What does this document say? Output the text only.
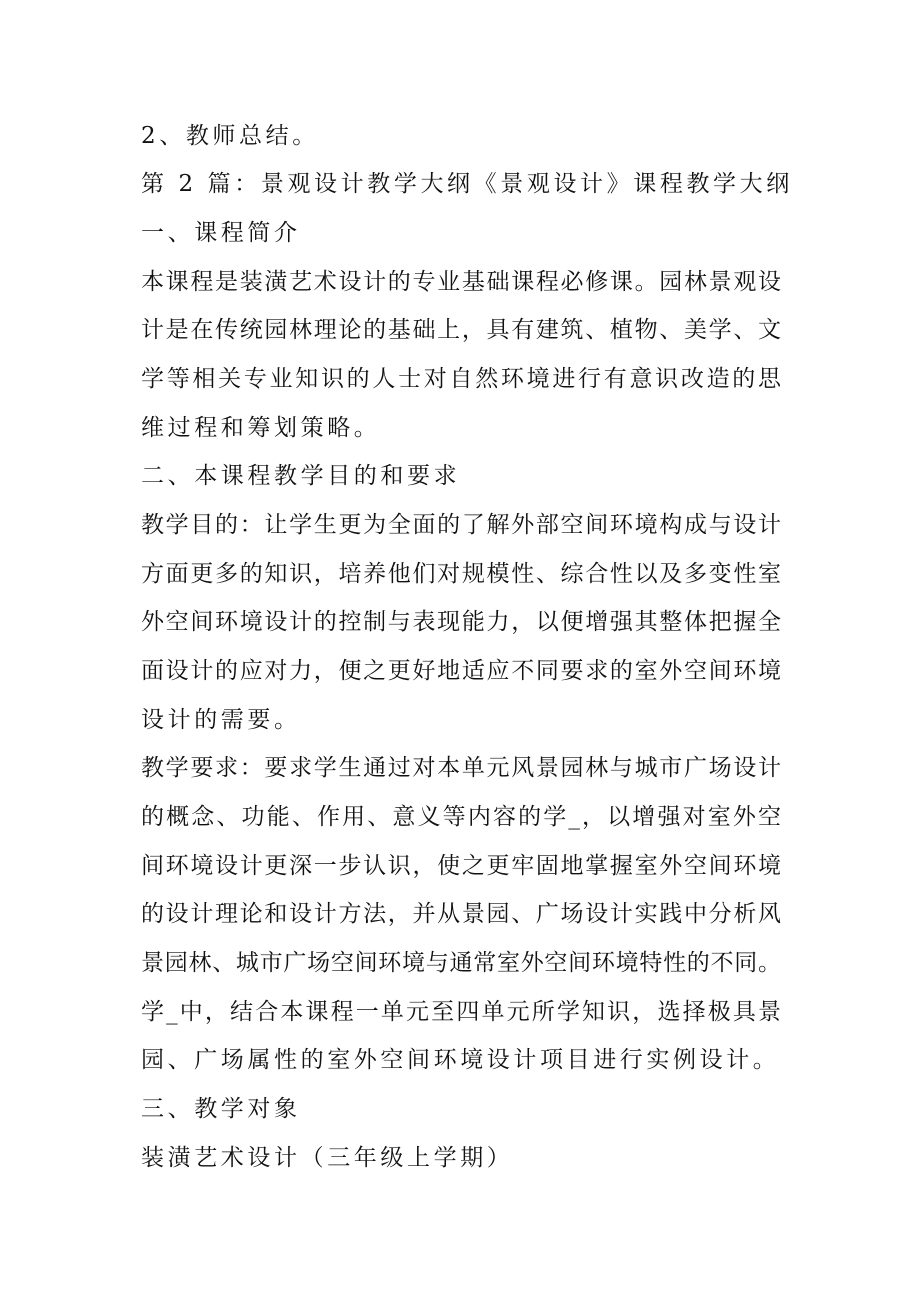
2、教师总结。
第 2 篇：景观设计教学大纲《景观设计》课程教学大纲
一、课程简介
本课程是装潢艺术设计的专业基础课程必修课。园林景观设
计是在传统园林理论的基础上，具有建筑、植物、美学、文
学等相关专业知识的人士对自然环境进行有意识改造的思
维过程和筹划策略。
二、本课程教学目的和要求
教学目的：让学生更为全面的了解外部空间环境构成与设计
方面更多的知识，培养他们对规模性、综合性以及多变性室
外空间环境设计的控制与表现能力，以便增强其整体把握全
面设计的应对力，便之更好地适应不同要求的室外空间环境
设计的需要。
教学要求：要求学生通过对本单元风景园林与城市广场设计
的概念、功能、作用、意义等内容的学_，以增强对室外空
间环境设计更深一步认识，使之更牢固地掌握室外空间环境
的设计理论和设计方法，并从景园、广场设计实践中分析风
景园林、城市广场空间环境与通常室外空间环境特性的不同。
学_中，结合本课程一单元至四单元所学知识，选择极具景
园、广场属性的室外空间环境设计项目进行实例设计。
三、教学对象
装潢艺术设计（三年级上学期）
